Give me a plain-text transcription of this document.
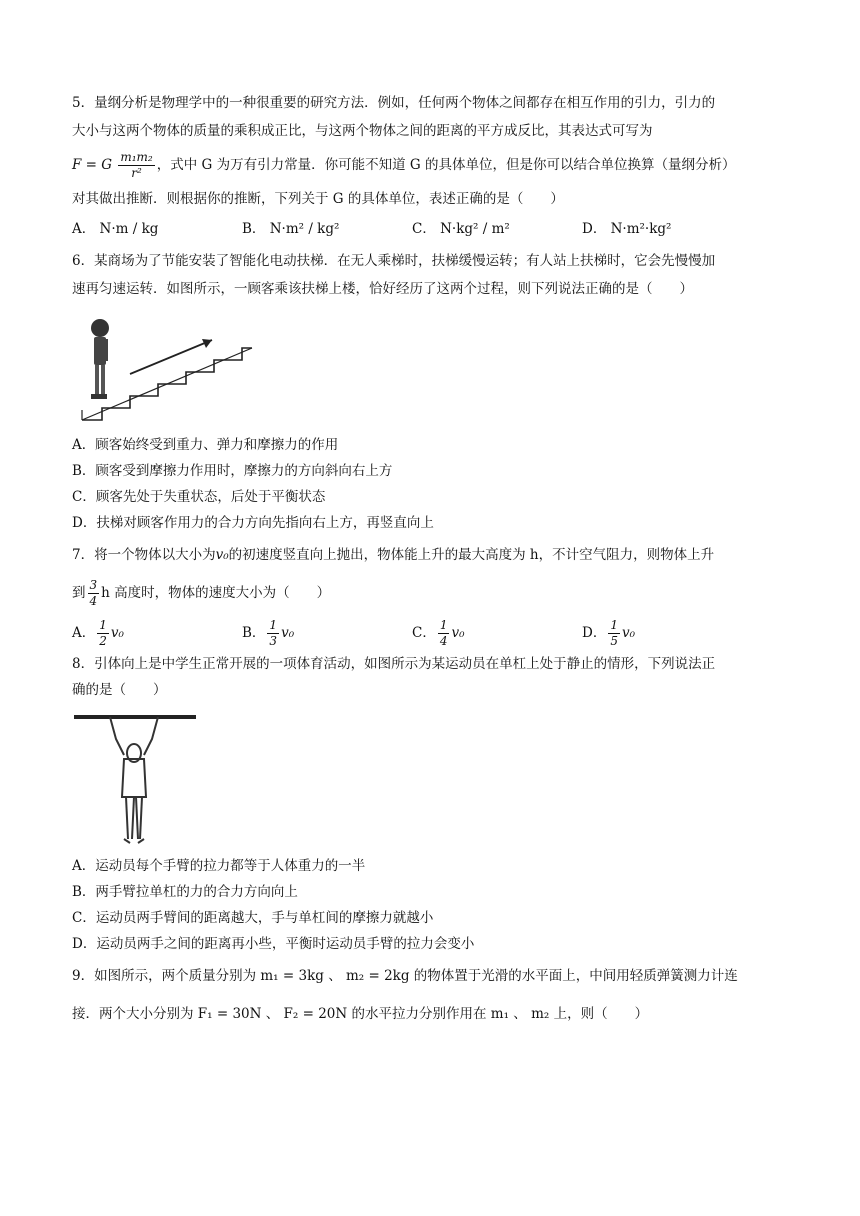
5．量纲分析是物理学中的一种很重要的研究方法．例如，任何两个物体之间都存在相互作用的引力，引力的

大小与这两个物体的质量的乘积成正比，与这两个物体之间的距离的平方成反比，其表达式可写为

F = G $\frac{\text{m₁m₂}}{\text{r²}}$ ，式中 G 为万有引力常量．你可能不知道 G 的具体单位，但是你可以结合单位换算（量纲分析）

对其做出推断．则根据你的推断，下列关于 G 的具体单位，表述正确的是（　　）

A． N·m / kg	B． N·m² / kg²	C． N·kg² / m²	D． N·m²·kg²

6．某商场为了节能安装了智能化电动扶梯．在无人乘梯时，扶梯缓慢运转；有人站上扶梯时，它会先慢慢加

速再匀速运转．如图所示，一顾客乘该扶梯上楼，恰好经历了这两个过程，则下列说法正确的是（　　）

A．顾客始终受到重力、弹力和摩擦力的作用

B．顾客受到摩擦力作用时，摩擦力的方向斜向右上方

C．顾客先处于失重状态，后处于平衡状态

D．扶梯对顾客作用力的合力方向先指向右上方，再竖直向上

7．将一个物体以大小为v₀的初速度竖直向上抛出，物体能上升的最大高度为 h，不计空气阻力，则物体上升

到 $\frac{3}{4}$ h 高度时，物体的速度大小为（　　）

A． $\frac{1}{2} v_0$	B． $\frac{1}{3} v_0$	C． $\frac{1}{4} v_0$	D． $\frac{1}{5} v_0$

8．引体向上是中学生正常开展的一项体育活动，如图所示为某运动员在单杠上处于静止的情形，下列说法正

确的是（　　）

A．运动员每个手臂的拉力都等于人体重力的一半

B．两手臂拉单杠的力的合力方向向上

C．运动员两手臂间的距离越大，手与单杠间的摩擦力就越小

D．运动员两手之间的距离再小些，平衡时运动员手臂的拉力会变小

9．如图所示，两个质量分别为 m₁ = 3kg 、 m₂ = 2kg 的物体置于光滑的水平面上，中间用轻质弹簧测力计连

接．两个大小分别为 F₁ = 30N 、 F₂ = 20N 的水平拉力分别作用在 m₁ 、 m₂ 上，则（　　）
